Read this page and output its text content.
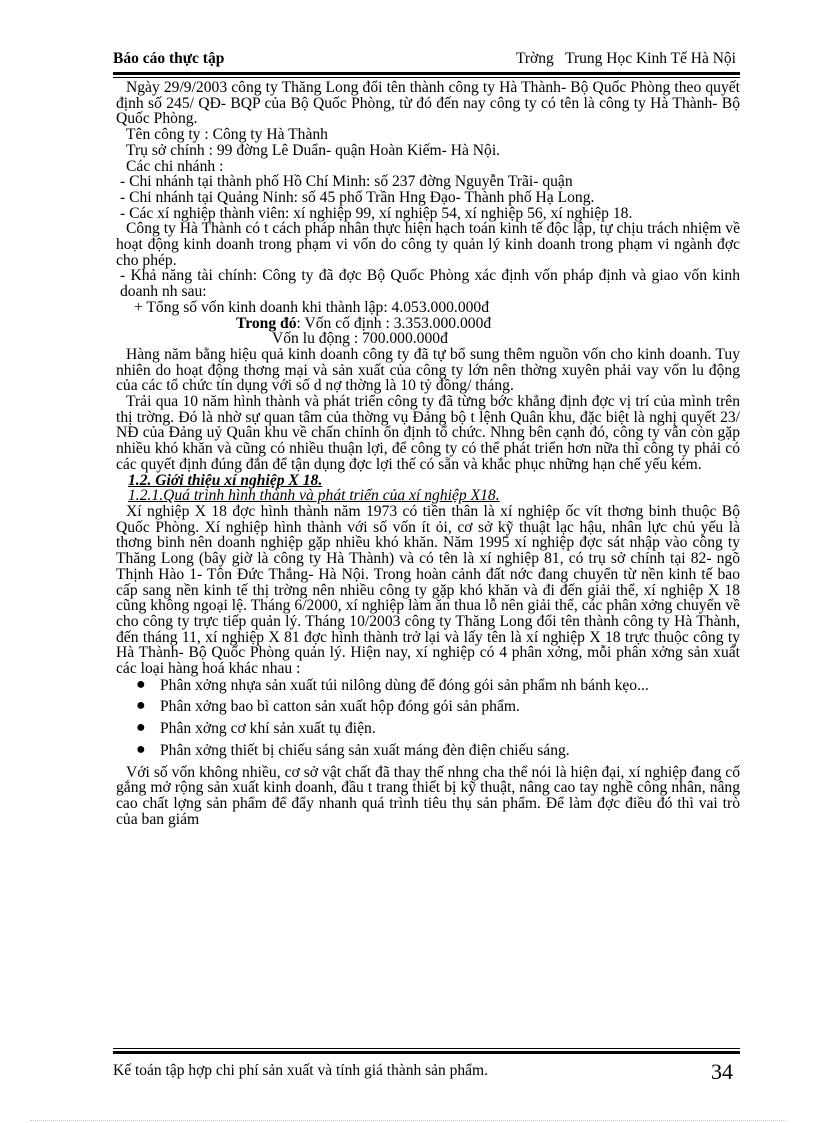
Báo cáo thực tập	Trờng   Trung Học Kinh Tế Hà Nội

Ngày 29/9/2003 công ty Thăng Long đổi tên thành công ty Hà Thành- Bộ Quốc Phòng theo quyết định số 245/ QĐ- BQP của Bộ Quốc Phòng, từ đó đến nay công ty có tên là công ty Hà Thành- Bộ Quốc Phòng.

Tên công ty : Công ty Hà Thành

Trụ sở chính : 99 đờng Lê Duẩn- quận Hoàn Kiếm- Hà Nội.

Các chi nhánh :

- Chi nhánh tại thành phố Hồ Chí Minh: số 237 đờng Nguyễn Trãi- quận

- Chi nhánh tại Quảng Ninh: số 45 phố Trần Hng Đạo- Thành phố Hạ Long.

- Các xí nghiệp thành viên: xí nghiệp 99, xí nghiệp 54, xí nghiệp 56, xí nghiệp 18.

Công ty Hà Thành có t cách pháp nhân thực hiện hạch toán kinh tế độc lập, tự chịu trách nhiệm về hoạt động kinh doanh trong phạm vi vốn do công ty quản lý kinh doanh trong phạm vi ngành đợc cho phép.

- Khả năng tài chính: Công ty đã đợc Bộ Quốc Phòng xác định vốn pháp định và giao vốn kinh doanh nh sau:

+ Tổng số vốn kinh doanh khi thành lập: 4.053.000.000đ

Trong đó: Vốn cố định : 3.353.000.000đ

Vốn lu động : 700.000.000đ

Hàng năm bằng hiệu quả kinh doanh công ty đã tự bổ sung thêm nguồn vốn cho kinh doanh. Tuy nhiên do hoạt động thơng mại và sản xuất của công ty lớn nên thờng xuyên phải vay vốn lu động của các tổ chức tín dụng với số d nợ thờng là 10 tỷ đồng/ tháng.

Trải qua 10 năm hình thành và phát triển công ty đã từng bớc khẳng định đợc vị trí của mình trên thị trờng. Đó là nhờ sự quan tâm của thờng vụ Đảng bộ t lệnh Quân khu, đặc biệt là nghị quyết 23/ NĐ của Đảng uỷ Quân khu về chấn chỉnh ổn định tổ chức. Nhng bên cạnh đó, công ty vẫn còn gặp nhiều khó khăn và cũng có nhiều thuận lợi, để công ty có thể phát triển hơn nữa thì công ty phải có các quyết định đúng đắn để tận dụng đợc lợi thế có sẵn và khắc phục những hạn chế yếu kém.

1.2. Giới thiệu xí nghiệp X 18.

1.2.1.Quá trình hình thành và phát triển của xí nghiệp X18.

Xí nghiệp X 18 đợc hình thành năm 1973 có tiền thân là xí nghiệp ốc vít thơng binh thuộc Bộ Quốc Phòng. Xí nghiệp hình thành với số vốn ít ỏi, cơ sở kỹ thuật lạc hậu, nhân lực chủ yếu là thơng binh nên doanh nghiệp gặp nhiều khó khăn. Năm 1995 xí nghiệp đợc sát nhập vào công ty Thăng Long (bây giờ là công ty Hà Thành) và có tên là xí nghiệp 81, có trụ sở chính tại 82- ngõ Thịnh Hào 1- Tôn Đức Thắng- Hà Nội. Trong hoàn cảnh đất nớc đang chuyển từ nền kinh tế bao cấp sang nền kinh tế thị trờng nên nhiều công ty gặp khó khăn và đi đến giải thể, xí nghiệp X 18 cũng không ngoại lệ. Tháng 6/2000, xí nghiệp làm ăn thua lỗ nên giải thể, các phân xởng chuyển về cho công ty trực tiếp quản lý. Tháng 10/2003 công ty Thăng Long đổi tên thành công ty Hà Thành, đến tháng 11, xí nghiệp X 81 đợc hình thành trở lại và lấy tên là xí nghiệp X 18 trực thuộc công ty Hà Thành- Bộ Quốc Phòng quản lý. Hiện nay, xí nghiệp có 4 phân xởng, mỗi phân xởng sản xuất các loại hàng hoá khác nhau :

● Phân xởng nhựa sản xuất túi nilông dùng để đóng gói sản phẩm nh bánh kẹo...
● Phân xởng bao bì catton sản xuất hộp đóng gói sản phẩm.
● Phân xởng cơ khí sản xuất tụ điện.
● Phân xởng thiết bị chiếu sáng sản xuất máng đèn điện chiếu sáng.

Với số vốn không nhiều, cơ sở vật chất đã thay thế nhng cha thể nói là hiện đại, xí nghiệp đang cố gắng mở rộng sản xuất kinh doanh, đầu t trang thiết bị kỹ thuật, nâng cao tay nghề công nhân, nâng cao chất lợng sản phẩm để đẩy nhanh quá trình tiêu thụ sản phẩm. Để làm đợc điều đó thì vai trò của ban giám

Kế toán tập hợp chi phí sản xuất và tính giá thành sản phẩm.	34
